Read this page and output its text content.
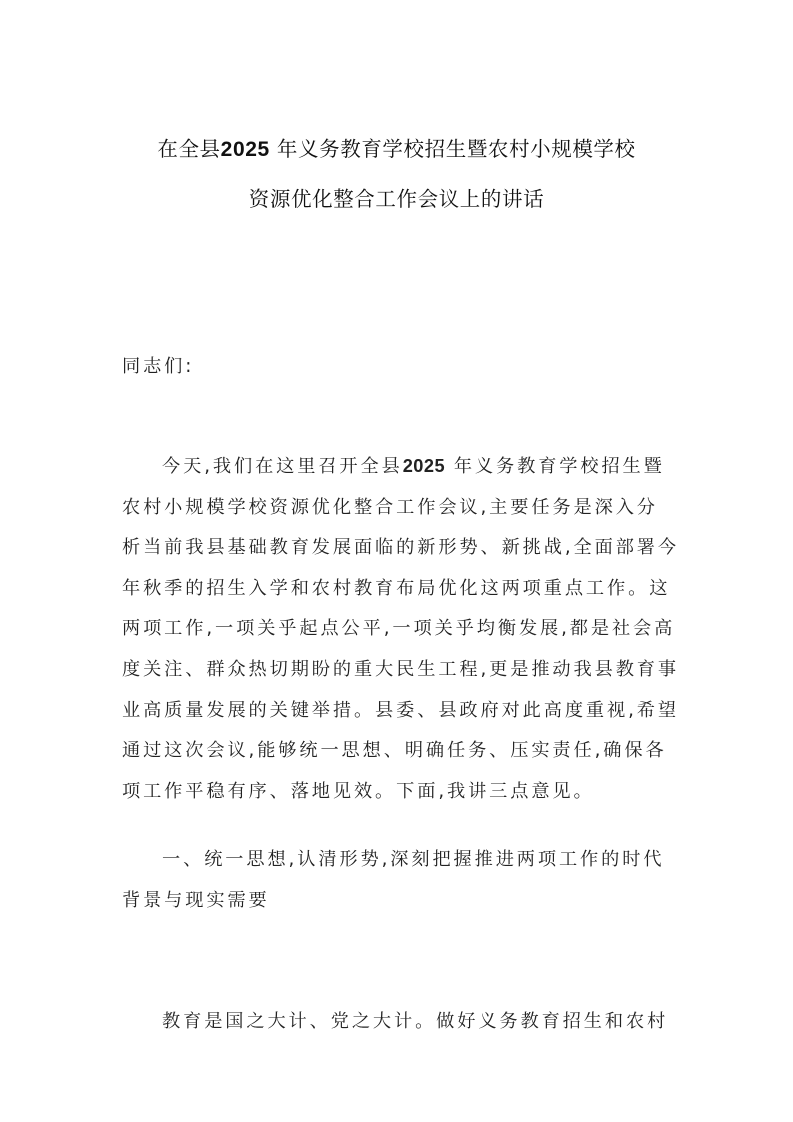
在全县2025 年义务教育学校招生暨农村小规模学校
资源优化整合工作会议上的讲话
同志们:
今天,我们在这里召开全县2025 年义务教育学校招生暨
农村小规模学校资源优化整合工作会议,主要任务是深入分
析当前我县基础教育发展面临的新形势、新挑战,全面部署今
年秋季的招生入学和农村教育布局优化这两项重点工作。这
两项工作,一项关乎起点公平,一项关乎均衡发展,都是社会高
度关注、群众热切期盼的重大民生工程,更是推动我县教育事
业高质量发展的关键举措。县委、县政府对此高度重视,希望
通过这次会议,能够统一思想、明确任务、压实责任,确保各
项工作平稳有序、落地见效。下面,我讲三点意见。
一、统一思想,认清形势,深刻把握推进两项工作的时代
背景与现实需要
教育是国之大计、党之大计。做好义务教育招生和农村
